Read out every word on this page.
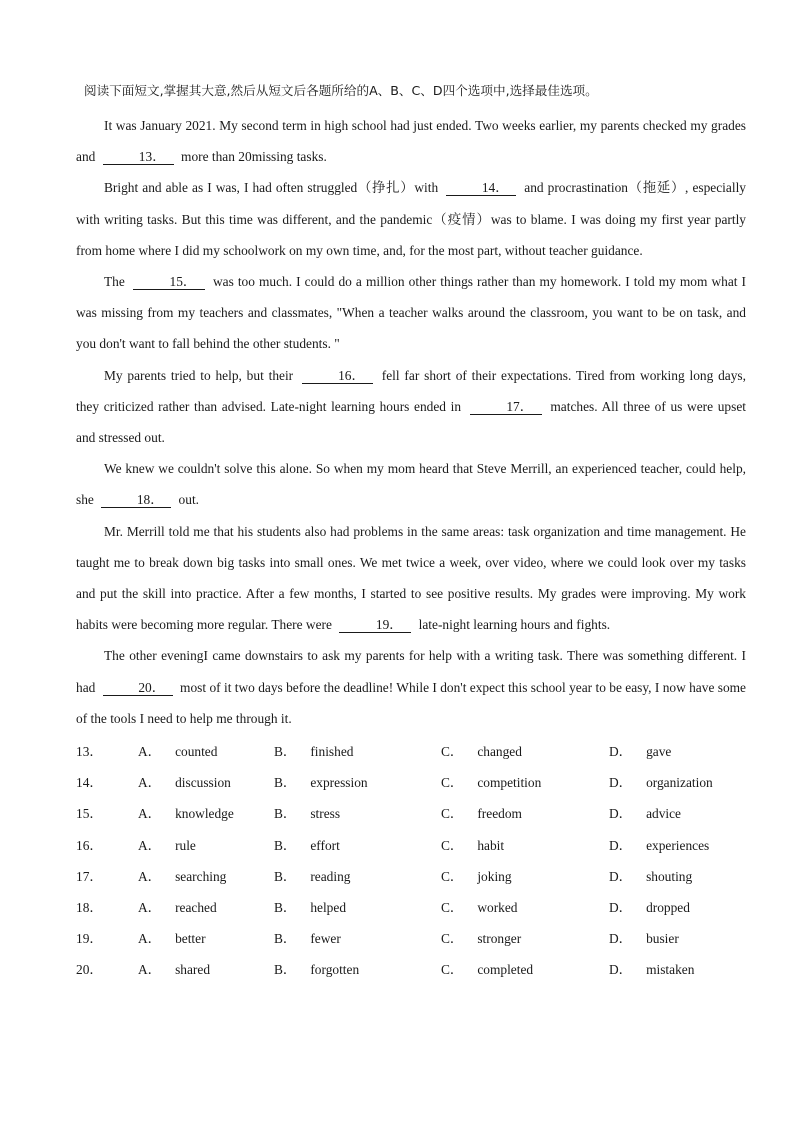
阅读下面短文,掌握其大意,然后从短文后各题所给的A、B、C、D四个选项中,选择最佳选项。

It was January 2021. My second term in high school had just ended. Two weeks earlier, my parents checked my grades and	13． more than 20missing tasks.

Bright and able as I was, I had often struggled（挣扎）with	14． and procrastination（拖延）, especially with writing tasks. But this time was different, and the pandemic（疫情）was to blame. I was doing my first year partly from home where I did my schoolwork on my own time, and, for the most part, without teacher guidance.

The	15． was too much. I could do a million other things rather than my homework. I told my mom what I was missing from my teachers and classmates, "When a teacher walks around the classroom, you want to be on task, and you don't want to fall behind the other students. "

My parents tried to help, but their	16． fell far short of their expectations. Tired from working long days, they criticized rather than advised. Late-night learning hours ended in	17． matches. All three of us were upset and stressed out.

We knew we couldn't solve this alone. So when my mom heard that Steve Merrill, an experienced teacher, could help, she	18． out.

Mr. Merrill told me that his students also had problems in the same areas: task organization and time management. He taught me to break down big tasks into small ones. We met twice a week, over video, where we could look over my tasks and put the skill into practice. After a few months, I started to see positive results. My grades were improving. My work habits were becoming more regular. There were	19． late-night learning hours and fights.

The other eveningI came downstairs to ask my parents for help with a writing task. There was something different. I had	20． most of it two days before the deadline! While I don't expect this school year to be easy, I now have some of the tools I need to help me through it.

13．	A． counted	B． finished	C． changed	D． gave
14．	A． discussion	B． expression	C． competition	D． organization
15．	A． knowledge	B． stress	C． freedom	D． advice
16．	A． rule	B． effort	C． habit	D． experiences
17．	A． searching	B． reading	C． joking	D． shouting
18．	A． reached	B． helped	C． worked	D． dropped
19．	A． better	B． fewer	C． stronger	D． busier
20．	A． shared	B． forgotten	C． completed	D． mistaken
